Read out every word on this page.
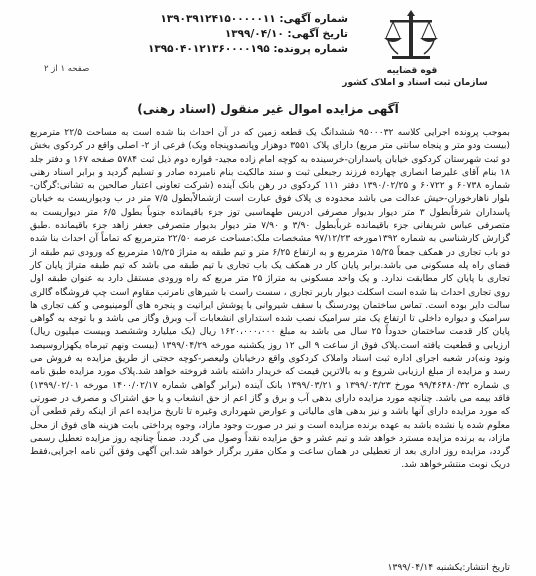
شماره آگهی: ۱۳۹۰۳۹۱۲۴۱۵۰۰۰۰۰۱۱
تاریخ آگهی: ۱۳۹۹/۰۴/۱۰
شماره پرونده: ۱۳۹۵۰۴۰۱۲۱۳۶۰۰۰۰۱۹۵
قوه قضاییه
سازمان ثبت اسناد و املاک کشور
صفحه ۱ از ۲
آگهی مزایده اموال غیر منقول (اسناد رهنی)

بموجب پرونده اجرایی کلاسه ۹۵۰۰۰۳۲ ششدانگ یک قطعه زمین که در آن احداث بنا شده است به مساحت ۲۲/۵ مترمربع (بیست ودو متر و پنجاه سانتی متر مربع) دارای پلاک ۳۵۵۱ دوهزار وپانصدوپنجاه ویک) فرعی از ۲- اصلی واقع در کردکوی بخش دو ثبت شهرستان کردکوی خیابان پاسداران-خرسینده به کوچه امام زاده مجید- قواره دوم ذیل ثبت ۵۷۸۴ صفحه ۱۶۷ و دفتر جلد ۱۸ بنام آقای علیرضا انصاری چهارده فرزند رجبعلی ثبت و سند مالکیت بنام نامبرده صادر و تسلیم گردید و برابر اسناد رهنی شماره ۶۰۷۳۸ و ۶۰۷۲۲ و ۱۳۹۰/۰۲/۲۵ دفتر ۱۱۱ کردکوی در رهن بانک آینده (شرکت تعاونی اعتبار صالحین به تشانی:گرگان-بلوار ناهارخوران-حیش عدالت می باشد محدوده ی پلاک فوق عبارت است ازشمالاًبطول ۷/۵ متر در ب ودیواریست به خیابان پاسداران شرقاًبطول ۳ متر دیوار بدیوار مصرفی ادریس طهماسبی توز جزء باقیمانده جنوباً بطول ۶/۵ متر دیواریست به متصرفی عباس شریفانی جزء باقیمانده غرباًبطول ۳/۹۰ و ۷/۹۰ متر دیوار بدیوار متصرفی جعفر زاهد جزء باقیمانده .طبق گزارش کارشناسی به شماره ۱۳۹۲مورخه ۹۷/۱۲/۲۳ مشخصات ملک:مساحت عرصه ۲۲/۵۰ مترمربع که تماماً آن احداث بنا شده دو باب تجاری در همکف جمعاً ۱۵/۲۵ مترمربع و به ارتفاع ۶/۲۵ متر و تیم طبقه به متراژ ۱۵/۲۵ مترمربع که ورودی تیم طبقه از فضای راه پله مسکونی می باشد.برابر پایان کار در همکف یک باب تجاری با تیم طبقه می باشد که تیم طبقه متراژ پایان کار تجاری با پایان کار مطابقت ندارد. و یک واحد مسکونی به متراژ ۲۵ متر مربع که راه ورودی مستقل دارد به عنوان طبقه اول روی تجاری احداث بنا شده است اسکلت دیوار باربر تجاری ، سست راست با شیرهای نامرتب مقاوم است چپ فروشگاه گالری سالت دایر بوده است. تماس ساختمان پودرسنگ با سقف شیروانی با پوشش ایرانیت و پنجره های آلومینیومی و کف تجاری ها سرامیک و دیواره داخلی تا ارتفاع یک متر سرامیک نصب شده استدارای انشعابات آب وبرق وگاز می باشد و با توجه به گواهی پایان کار قدمت ساختمان حدوداً ۲۵ سال می باشد به مبلغ ۱۶۲۰،۰۰۰،۰۰۰ ریال (یک میلیارد وششصد وبیست میلیون ریال) ارزیابی و قطعیت یافته است.پلاک فوق از ساعت ۹ الی ۱۲ روز یکشنبه مورخه ۱۳۹۹/۰۴/۲۹ (بیست ونهم تیرماه یکهزاروسیصد ونود ونه)در شعبه اجرای اداره ثبت اسناد واملاک کردکوی واقع درخیابان ولیعصر-کوچه حجتی از طریق مزایده به فروش می رسد و مزایده از مبلغ ارزیابی شروع و به بالاترین قیمت که خریدار داشته باشد فروخته خواهد شد.پلاک مورد مزایده طبق نامه ی شماره ۹۹/۴۶۴۸۰/۳۲ مورخ ۱۳۹۹/۰۳/۲۳ و ۱۳۹۹/۰۳/۲۱ بانک آینده (برابر گواهی شماره ۱۴۰۰/۰۲/۱۷ مورخه ۱۳۹۹/۰۲/۰۱) فاقد بیمه می باشد. چنانچه مورد مزایده دارای بدهی آب و برق و گاز اعم از حق انشعاب و یا حق اشتراک و مصرف در صورتی که مورد مزایده دارای آنها باشد و نیز بدهی های مالیاتی و عوارض شهرداری وغیره تا تاریخ مزایده اعم از اینکه رقم قطعی آن معلوم شده یا نشده باشد به عهده برنده مزایده است و نیز در صورت وجود مازاد، وجوه پرداختی بابت هزینه های فوق از محل مازاد، به برنده مزایده مسترد خواهد شد و تیم عشر و حق مزایده نقداً وصول می گردد. ضمناً چنانچه روز مزایده تعطیل رسمی گردد، مزایده روز اداری بعد از تعطیلی در همان ساعت و مکان مقرر برگزار خواهد شد.این آگهی وفق آئین نامه اجرایی،فقط دریک نوبت منتشرخواهد شد.

تاریخ انتشار:یکشنبه ۱۳۹۹/۰۴/۱۴
